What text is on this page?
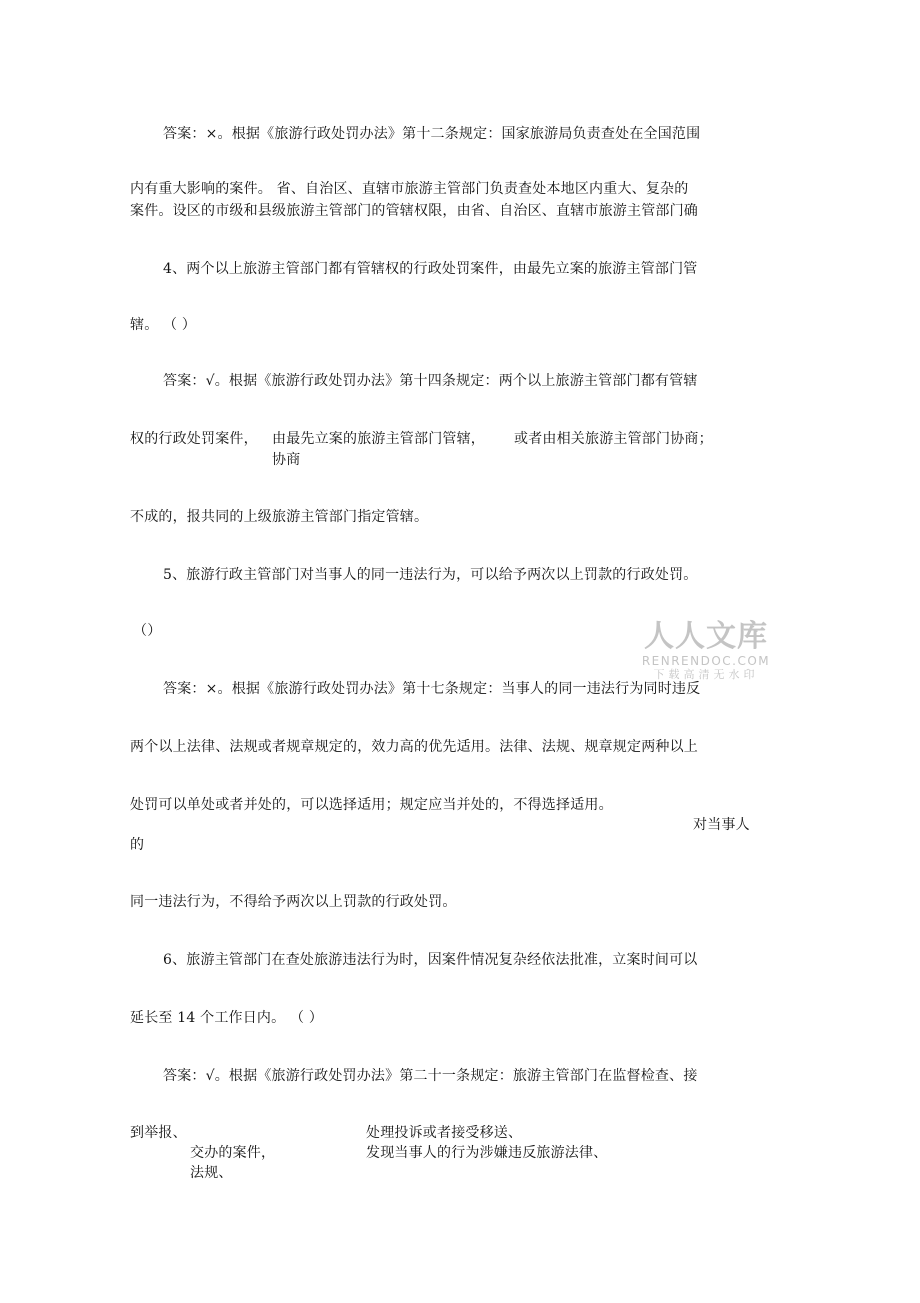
答案：×。根据《旅游行政处罚办法》第十二条规定：国家旅游局负责查处在全国范围
内有重大影响的案件。 省、自治区、直辖市旅游主管部门负责查处本地区内重大、复杂的
案件。设区的市级和县级旅游主管部门的管辖权限，由省、自治区、直辖市旅游主管部门确
4、两个以上旅游主管部门都有管辖权的行政处罚案件，由最先立案的旅游主管部门管
辖。 （ ）
答案：√。根据《旅游行政处罚办法》第十四条规定：两个以上旅游主管部门都有管辖
权的行政处罚案件， 由最先立案的旅游主管部门管辖， 或者由相关旅游主管部门协商；
协商
不成的，报共同的上级旅游主管部门指定管辖。
5、旅游行政主管部门对当事人的同一违法行为，可以给予两次以上罚款的行政处罚。
（）
答案：×。根据《旅游行政处罚办法》第十七条规定：当事人的同一违法行为同时违反
两个以上法律、法规或者规章规定的，效力高的优先适用。法律、法规、规章规定两种以上
处罚可以单处或者并处的，可以选择适用；规定应当并处的，不得选择适用。
对当事人
的
同一违法行为，不得给予两次以上罚款的行政处罚。
6、旅游主管部门在查处旅游违法行为时，因案件情况复杂经依法批准，立案时间可以
延长至 14 个工作日内。 （ ）
答案：√。根据《旅游行政处罚办法》第二十一条规定：旅游主管部门在监督检查、接
到举报、	处理投诉或者接受移送、
交办的案件，	发现当事人的行为涉嫌违反旅游法律、
法规、
人人文库
RENRENDOC.COM
下载高清无水印
